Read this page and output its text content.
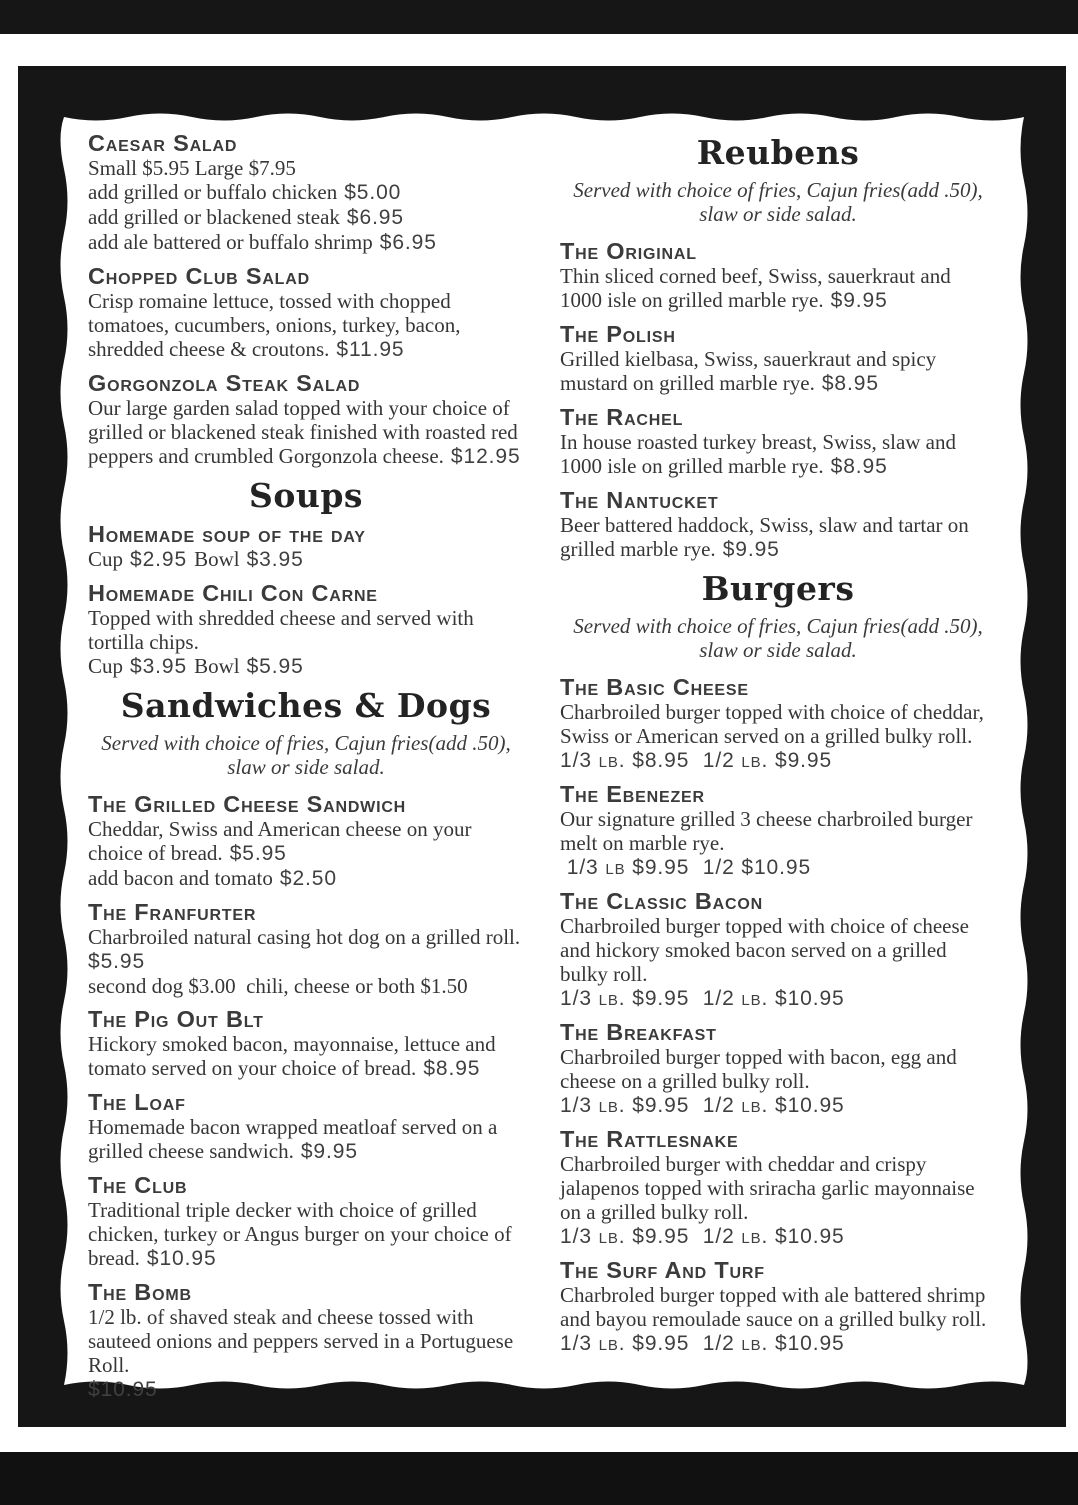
Caesar Salad
Small $5.95 Large $7.95
add grilled or buffalo chicken $5.00
add grilled or blackened steak $6.95
add ale battered or buffalo shrimp $6.95
Chopped Club Salad
Crisp romaine lettuce, tossed with chopped tomatoes, cucumbers, onions, turkey, bacon, shredded cheese & croutons. $11.95
Gorgonzola Steak Salad
Our large garden salad topped with your choice of grilled or blackened steak finished with roasted red peppers and crumbled Gorgonzola cheese. $12.95
Soups
Homemade soup of the day
Cup $2.95 Bowl $3.95
Homemade Chili Con Carne
Topped with shredded cheese and served with tortilla chips.
Cup $3.95 Bowl $5.95
Sandwiches & Dogs
Served with choice of fries, Cajun fries(add .50), slaw or side salad.
The Grilled Cheese Sandwich
Cheddar, Swiss and American cheese on your choice of bread. $5.95
add bacon and tomato $2.50
The Franfurter
Charbroiled natural casing hot dog on a grilled roll.
$5.95
second dog $3.00  chili, cheese or both $1.50
The Pig Out Blt
Hickory smoked bacon, mayonnaise, lettuce and tomato served on your choice of bread. $8.95
The Loaf
Homemade bacon wrapped meatloaf served on a grilled cheese sandwich. $9.95
The Club
Traditional triple decker with choice of grilled chicken, turkey or Angus burger on your choice of bread. $10.95
The Bomb
1/2 lb. of shaved steak and cheese tossed with sauteed onions and peppers served in a Portuguese Roll.
$10.95
Reubens
Served with choice of fries, Cajun fries(add .50), slaw or side salad.
The Original
Thin sliced corned beef, Swiss, sauerkraut and 1000 isle on grilled marble rye. $9.95
The Polish
Grilled kielbasa, Swiss, sauerkraut and spicy mustard on grilled marble rye. $8.95
The Rachel
In house roasted turkey breast, Swiss, slaw and 1000 isle on grilled marble rye. $8.95
The Nantucket
Beer battered haddock, Swiss, slaw and tartar on grilled marble rye. $9.95
Burgers
Served with choice of fries, Cajun fries(add .50), slaw or side salad.
The Basic Cheese
Charbroiled burger topped with choice of cheddar, Swiss or American served on a grilled bulky roll.
1/3 lb. $8.95  1/2 lb. $9.95
The Ebenezer
Our signature grilled 3 cheese charbroiled burger melt on marble rye.
1/3 lb $9.95  1/2 $10.95
The Classic Bacon
Charbroiled burger topped with choice of cheese and hickory smoked bacon served on a grilled bulky roll.
1/3 lb. $9.95  1/2 lb. $10.95
The Breakfast
Charbroiled burger topped with bacon, egg and cheese on a grilled bulky roll.
1/3 lb. $9.95  1/2 lb. $10.95
The Rattlesnake
Charbroiled burger with cheddar and crispy jalapenos topped with sriracha garlic mayonnaise on a grilled bulky roll.
1/3 lb. $9.95  1/2 lb. $10.95
The Surf And Turf
Charbroled burger topped with ale battered shrimp and bayou remoulade sauce on a grilled bulky roll.
1/3 lb. $9.95  1/2 lb. $10.95
